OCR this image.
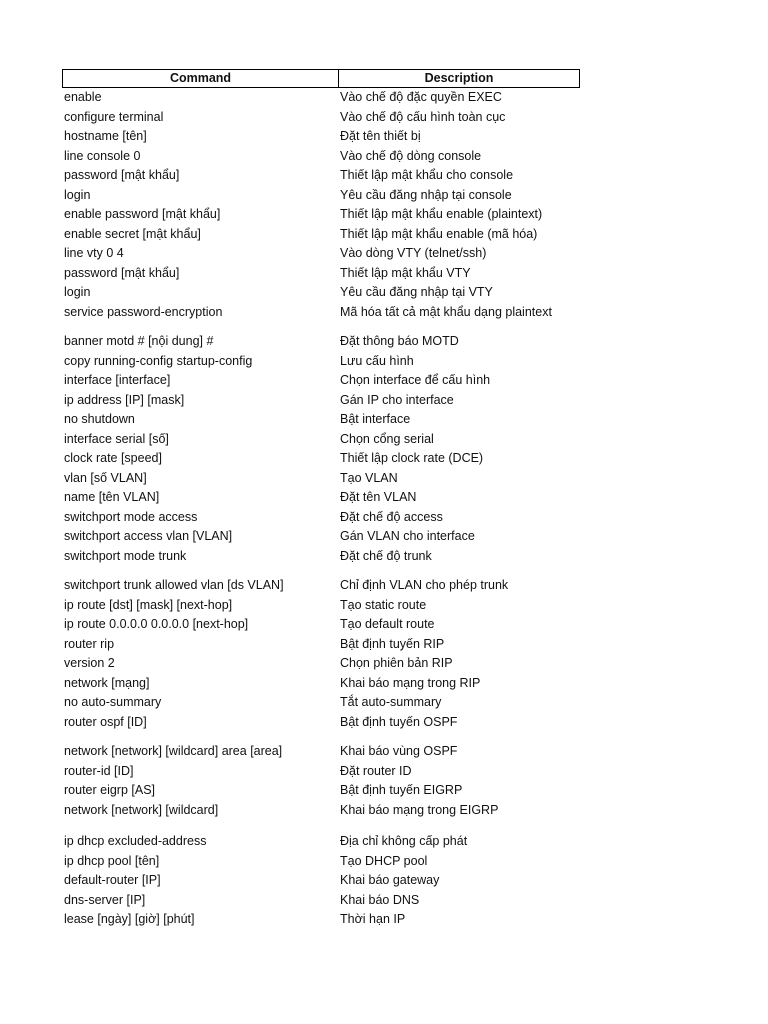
Command	Description
enable	Vào chế độ đặc quyền EXEC
configure terminal	Vào chế độ cấu hình toàn cục
hostname [tên]	Đặt tên thiết bị
line console 0	Vào chế độ dòng console
password [mật khẩu]	Thiết lập mật khẩu cho console
login	Yêu cầu đăng nhập tại console
enable password [mật khẩu]	Thiết lập mật khẩu enable (plaintext)
enable secret [mật khẩu]	Thiết lập mật khẩu enable (mã hóa)
line vty 0 4	Vào dòng VTY (telnet/ssh)
password [mật khẩu]	Thiết lập mật khẩu VTY
login	Yêu cầu đăng nhập tại VTY
service password-encryption	Mã hóa tất cả mật khẩu dạng plaintext
banner motd # [nội dung] #	Đặt thông báo MOTD
copy running-config startup-config	Lưu cấu hình
interface [interface]	Chọn interface để cấu hình
ip address [IP] [mask]	Gán IP cho interface
no shutdown	Bật interface
interface serial [số]	Chọn cổng serial
clock rate [speed]	Thiết lập clock rate (DCE)
vlan [số VLAN]	Tạo VLAN
name [tên VLAN]	Đặt tên VLAN
switchport mode access	Đặt chế độ access
switchport access vlan [VLAN]	Gán VLAN cho interface
switchport mode trunk	Đặt chế độ trunk
switchport trunk allowed vlan [ds VLAN]	Chỉ định VLAN cho phép trunk
ip route [dst] [mask] [next-hop]	Tạo static route
ip route 0.0.0.0 0.0.0.0 [next-hop]	Tạo default route
router rip	Bật định tuyến RIP
version 2	Chọn phiên bản RIP
network [mạng]	Khai báo mạng trong RIP
no auto-summary	Tắt auto-summary
router ospf [ID]	Bật định tuyến OSPF
network [network] [wildcard] area [area]	Khai báo vùng OSPF
router-id [ID]	Đặt router ID
router eigrp [AS]	Bật định tuyến EIGRP
network [network] [wildcard]	Khai báo mạng trong EIGRP
ip dhcp excluded-address	Địa chỉ không cấp phát
ip dhcp pool [tên]	Tạo DHCP pool
default-router [IP]	Khai báo gateway
dns-server [IP]	Khai báo DNS
lease [ngày] [giờ] [phút]	Thời hạn IP
